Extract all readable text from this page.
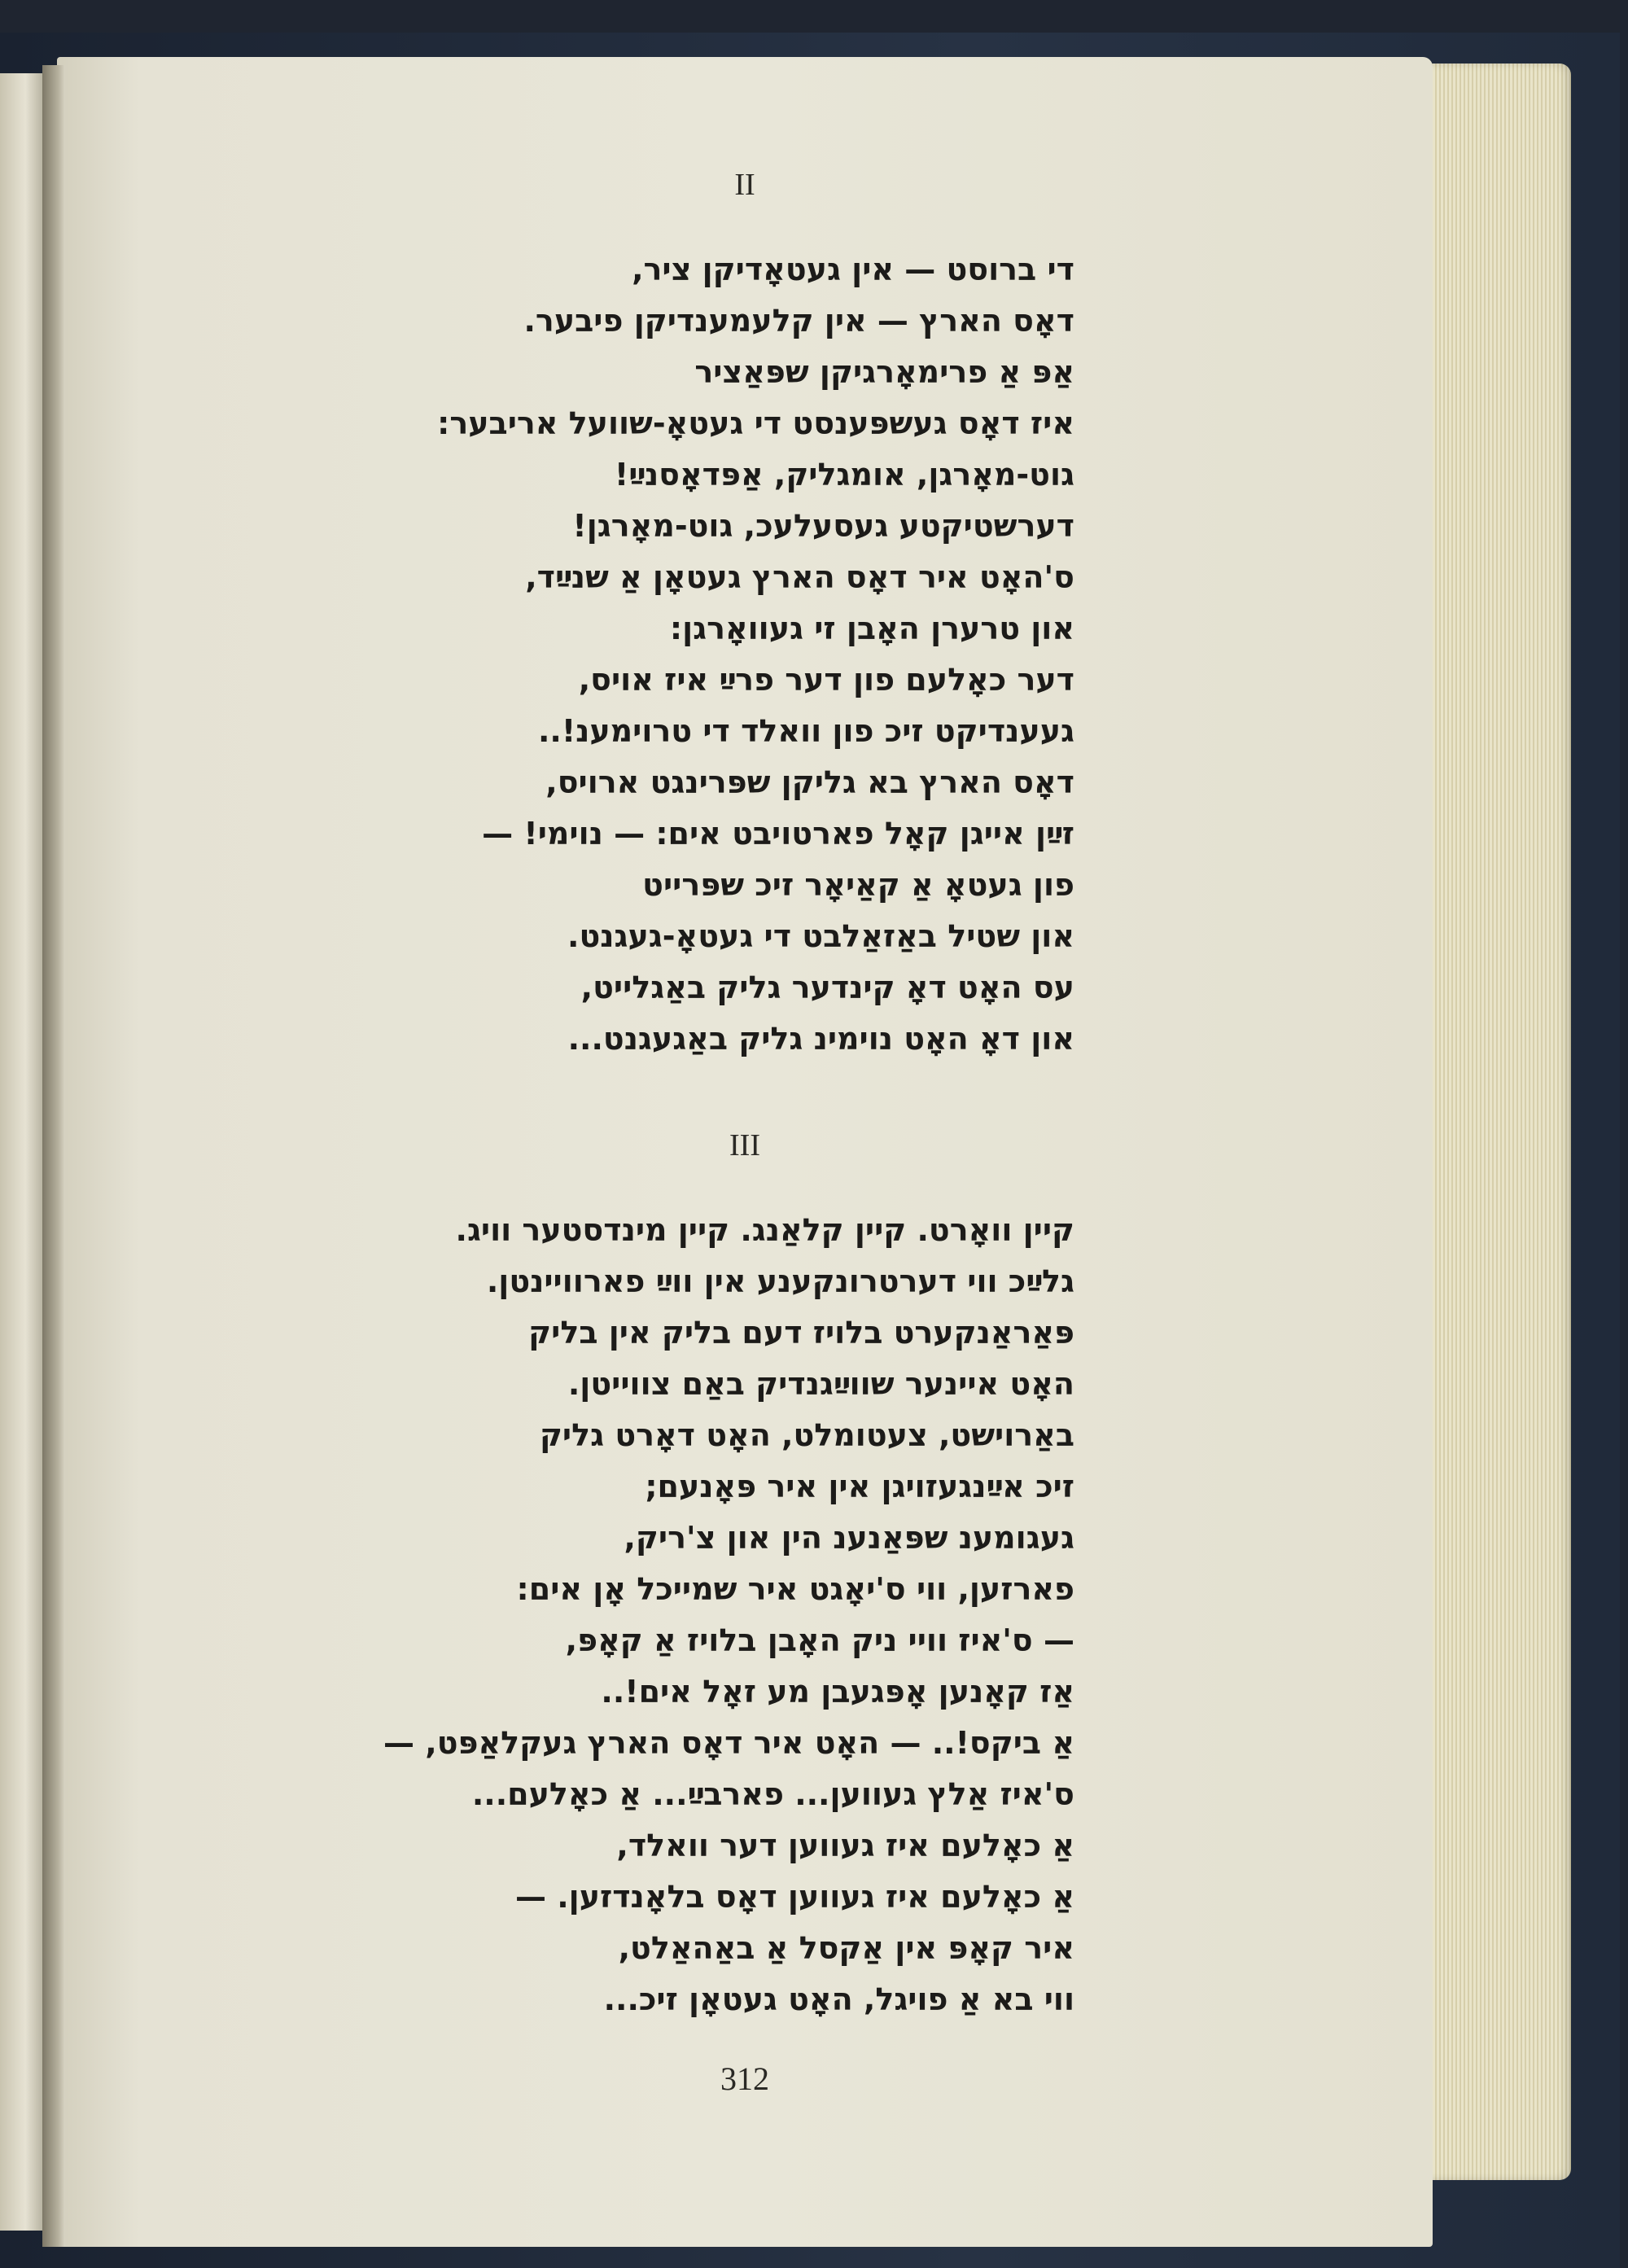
II
די ברוסט — אין געטאָדיקן ציר,
דאָס הארץ — אין קלעמענדיקן פיבער.
אַפּ אַ פרימאָרגיקן שפּאַציר
איז דאָס געשפּענסט די געטאָ-שוועל אריבער:
גוט-מאָרגן, אומגליק, אַפּדאָסנײַ!
דערשטיקטע געסעלעכ, גוט-מאָרגן!
ס'האָט איר דאָס הארץ געטאָן אַ שנײַד,
און טרערן האָבן זי געוואָרגן:
דער כאָלעם פון דער פרײַ איז אויס,
געענדיקט זיכ פון וואלד די טרוימענ!..
דאָס הארץ בא גליקן שפּרינגט ארויס,
זײַן אייגן קאָל פארטויבט אים: — נוימי! —
פון געטאָ אַ קאַיאָר זיכ שפּרייט
און שטיל באַזאַלבט די געטאָ-געגנט.
עס האָט דאָ קינדער גליק באַגלייט,
און דאָ האָט נוימינ גליק באַגעגנט...
III
קיין וואָרט. קיין קלאַנג. קיין מינדסטער וויג.
גלײַכ ווי דערטרונקענע אין ווײַ פארוויינטן.
פּאַראַנקערט בלויז דעם בליק אין בליק
האָט איינער שווײַגנדיק באַם צווייטן.
באַרוישט, צעטומלט, האָט דאָרט גליק
זיכ אײַנגעזויגן אין איר פּאָנעם;
געגומענ שפּאַנענ הין און צ'ריק,
פארזען, ווי ס'יאָגט איר שמייכל אָן אים:
— ס'איז וויי ניק האָבן בלויז אַ קאָפּ,
אַז קאָנען אָפּגעבן מע זאָל אים!..
אַ ביקס!.. — האָט איר דאָס הארץ געקלאַפּט, —
ס'איז אַלץ געווען... פארבײַ... אַ כאָלעם...
אַ כאָלעם איז געווען דער וואלד,
אַ כאָלעם איז געווען דאָס בלאָנדזען. —
איר קאָפּ אין אַקסל אַ באַהאַלט,
ווי בא אַ פויגל, האָט געטאָן זיכ...
312
